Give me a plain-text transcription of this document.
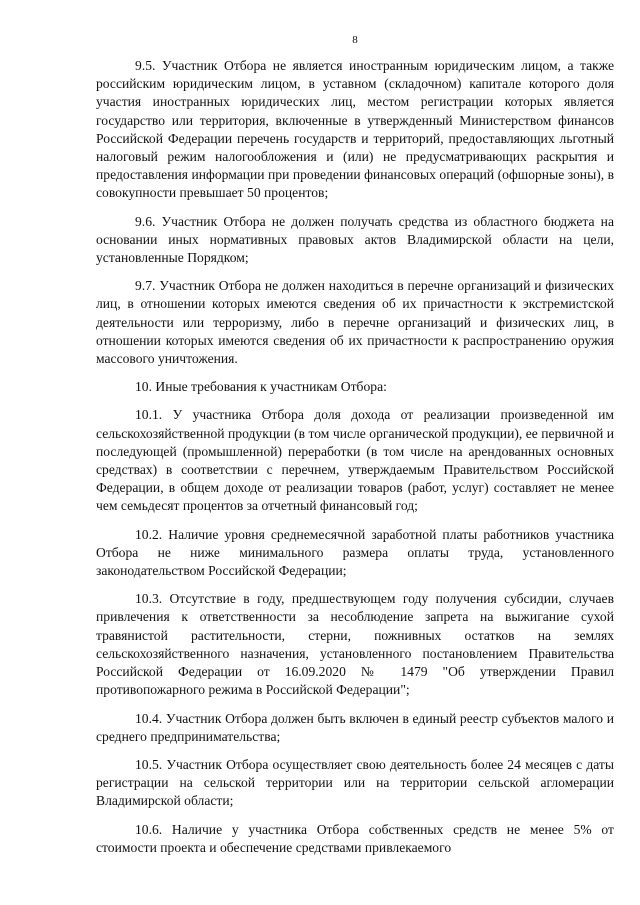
8

9.5. Участник Отбора не является иностранным юридическим лицом, а также российским юридическим лицом, в уставном (складочном) капитале которого доля участия иностранных юридических лиц, местом регистрации которых является государство или территория, включенные в утвержденный Министерством финансов Российской Федерации перечень государств и территорий, предоставляющих льготный налоговый режим налогообложения и (или) не предусматривающих раскрытия и предоставления информации при проведении финансовых операций (офшорные зоны), в совокупности превышает 50 процентов;

9.6. Участник Отбора не должен получать средства из областного бюджета на основании иных нормативных правовых актов Владимирской области на цели, установленные Порядком;

9.7. Участник Отбора не должен находиться в перечне организаций и физических лиц, в отношении которых имеются сведения об их причастности к экстремистской деятельности или терроризму, либо в перечне организаций и физических лиц, в отношении которых имеются сведения об их причастности к распространению оружия массового уничтожения.

10. Иные требования к участникам Отбора:

10.1. У участника Отбора доля дохода от реализации произведенной им сельскохозяйственной продукции (в том числе органической продукции), ее первичной и последующей (промышленной) переработки (в том числе на арендованных основных средствах) в соответствии с перечнем, утверждаемым Правительством Российской Федерации, в общем доходе от реализации товаров (работ, услуг) составляет не менее чем семьдесят процентов за отчетный финансовый год;

10.2. Наличие уровня среднемесячной заработной платы работников участника Отбора не ниже минимального размера оплаты труда, установленного законодательством Российской Федерации;

10.3. Отсутствие в году, предшествующем году получения субсидии, случаев привлечения к ответственности за несоблюдение запрета на выжигание сухой травянистой растительности, стерни, пожнивных остатков на землях сельскохозяйственного назначения, установленного постановлением Правительства Российской Федерации от 16.09.2020 № 1479 "Об утверждении Правил противопожарного режима в Российской Федерации";

10.4. Участник Отбора должен быть включен в единый реестр субъектов малого и среднего предпринимательства;

10.5. Участник Отбора осуществляет свою деятельность более 24 месяцев с даты регистрации на сельской территории или на территории сельской агломерации Владимирской области;

10.6. Наличие у участника Отбора собственных средств не менее 5% от стоимости проекта и обеспечение средствами привлекаемого
